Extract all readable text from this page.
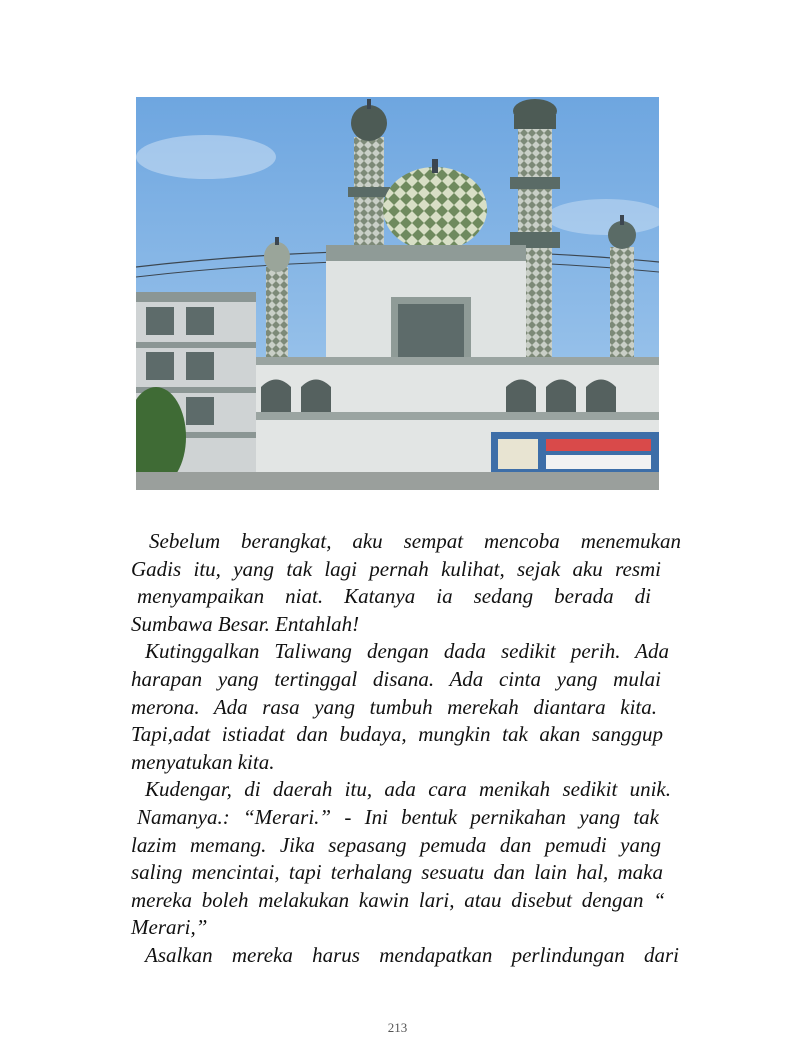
Sebelum berangkat, aku sempat mencoba menemukan
Gadis itu, yang tak lagi pernah kulihat, sejak aku resmi
menyampaikan niat. Katanya ia sedang berada di
Sumbawa Besar. Entahlah!
Kutinggalkan Taliwang dengan dada sedikit perih. Ada
harapan yang tertinggal disana. Ada cinta yang mulai
merona. Ada rasa yang tumbuh merekah diantara kita.
Tapi,adat istiadat dan budaya, mungkin tak akan sanggup
menyatukan kita.
Kudengar, di daerah itu, ada cara menikah sedikit unik.
Namanya.: “Merari.” - Ini bentuk pernikahan yang tak
lazim memang. Jika sepasang pemuda dan pemudi yang
saling mencintai, tapi terhalang sesuatu dan lain hal, maka
mereka boleh melakukan kawin lari, atau disebut dengan “
Merari,”
Asalkan mereka harus mendapatkan perlindungan dari
213
